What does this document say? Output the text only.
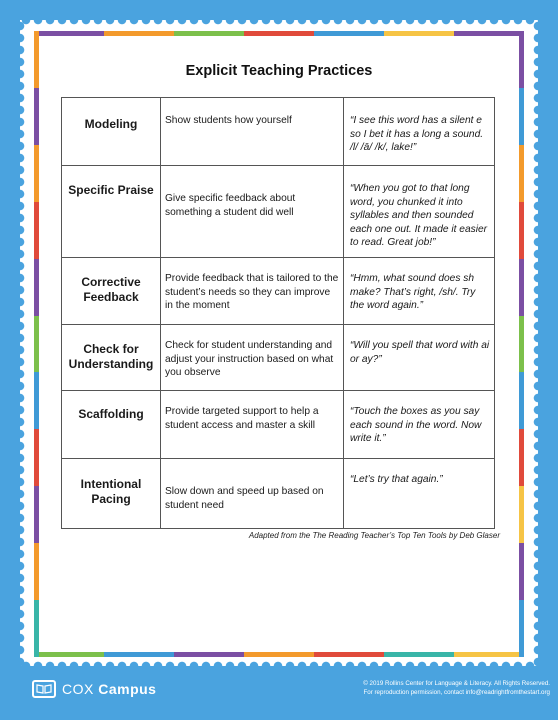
Explicit Teaching Practices
Modeling	Show students how yourself	“I see this word has a silent e so I bet it has a long a sound. /l/ /ā/ /k/, lake!”

Specific Praise	Give specific feedback about something a student did well	“When you got to that long word, you chunked it into syllables and then sounded each one out. It made it easier to read. Great job!”

Corrective
Feedback	Provide feedback that is tailored to the student’s needs so they can improve in the moment	“Hmm, what sound does sh make? That’s right, /sh/. Try the word again.”

Check for
Understanding	Check for student understanding and adjust your instruction based on what you observe	“Will you spell that word with ai or ay?”

Scaffolding	Provide targeted support to help a student access and master a skill	“Touch the boxes as you say each sound in the word. Now write it.”

Intentional
Pacing	Slow down and speed up based on student need	“Let’s try that again.”
Adapted from the The Reading Teacher’s Top Ten Tools by Deb Glaser
COX Campus	© 2019 Rollins Center for Language & Literacy. All Rights Reserved.
For reproduction permission, contact info@readrightfromthestart.org
